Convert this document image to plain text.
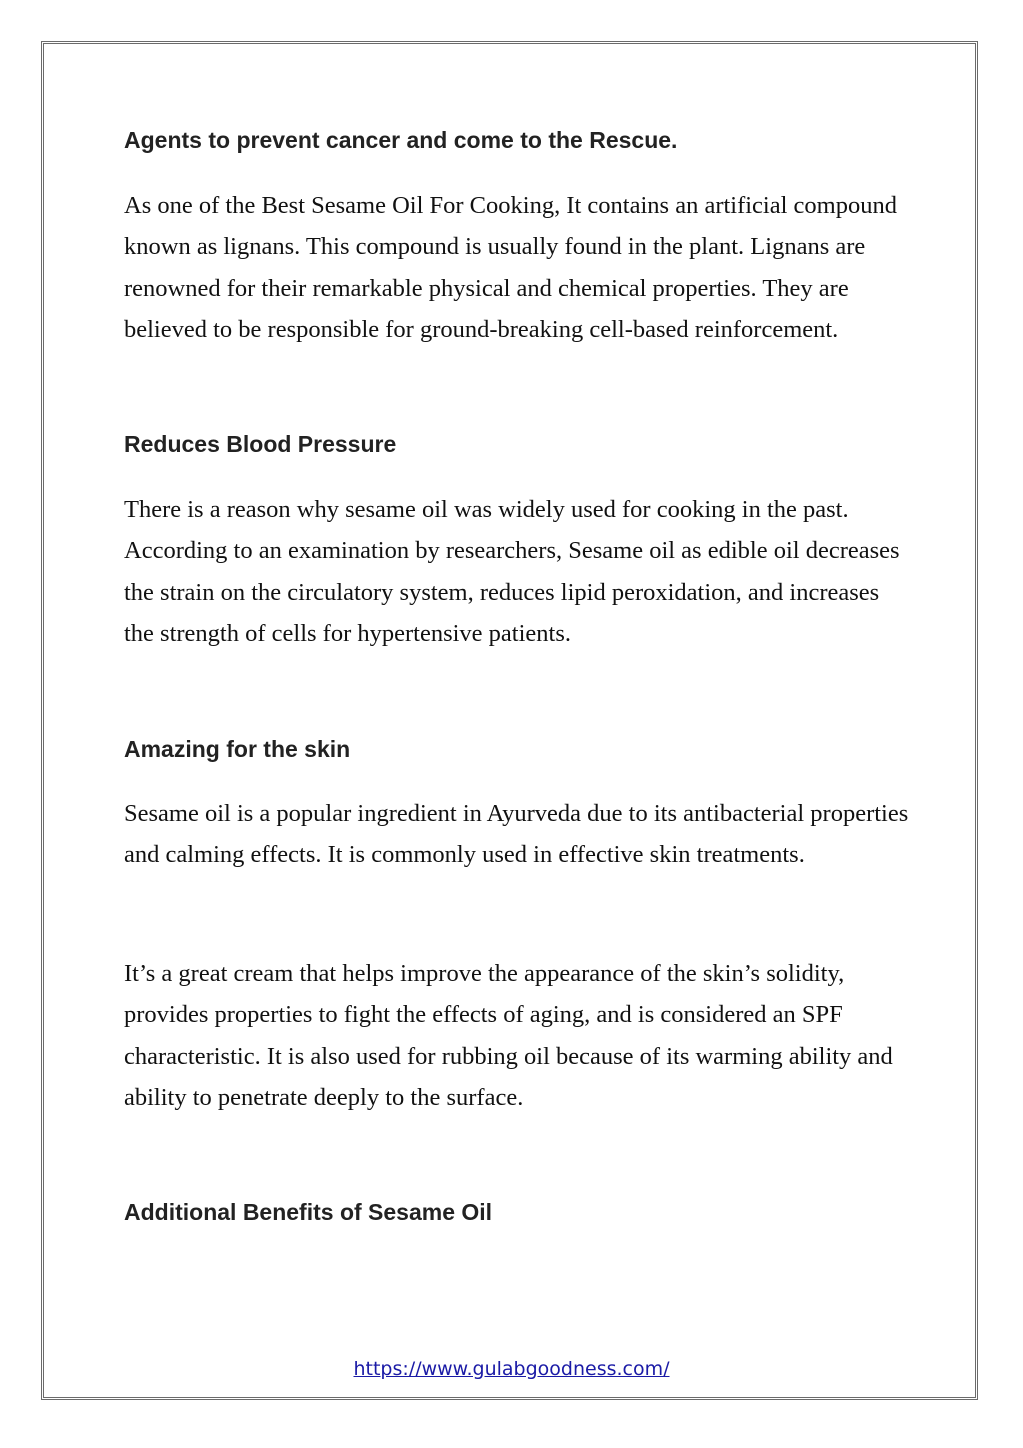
Agents to prevent cancer and come to the Rescue.

As one of the Best Sesame Oil For Cooking, It contains an artificial compound known as lignans. This compound is usually found in the plant. Lignans are renowned for their remarkable physical and chemical properties. They are believed to be responsible for ground-breaking cell-based reinforcement.

Reduces Blood Pressure

There is a reason why sesame oil was widely used for cooking in the past. According to an examination by researchers, Sesame oil as edible oil decreases the strain on the circulatory system, reduces lipid peroxidation, and increases the strength of cells for hypertensive patients.

Amazing for the skin

Sesame oil is a popular ingredient in Ayurveda due to its antibacterial properties and calming effects. It is commonly used in effective skin treatments.

It’s a great cream that helps improve the appearance of the skin’s solidity, provides properties to fight the effects of aging, and is considered an SPF characteristic. It is also used for rubbing oil because of its warming ability and ability to penetrate deeply to the surface.

Additional Benefits of Sesame Oil
https://www.gulabgoodness.com/
